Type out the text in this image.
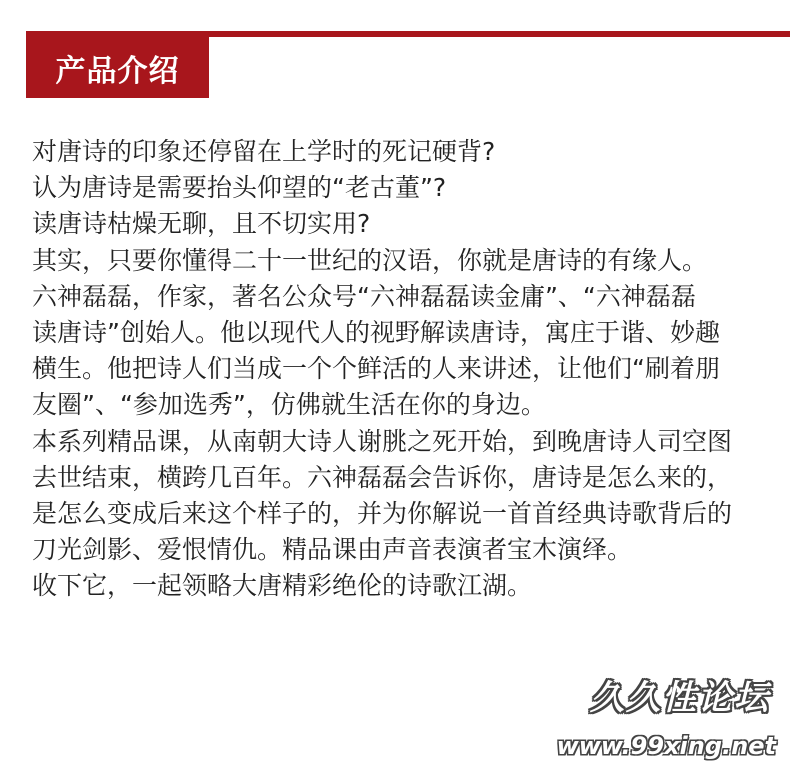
产品介绍
对唐诗的印象还停留在上学时的死记硬背?
认为唐诗是需要抬头仰望的“老古董”?
读唐诗枯燥无聊，且不切实用?
其实，只要你懂得二十一世纪的汉语，你就是唐诗的有缘人。
六神磊磊，作家，著名公众号“六神磊磊读金庸”、“六神磊磊
读唐诗”创始人。他以现代人的视野解读唐诗，寓庄于谐、妙趣
横生。他把诗人们当成一个个鲜活的人来讲述，让他们“刷着朋
友圈”、“参加选秀”，仿佛就生活在你的身边。
本系列精品课，从南朝大诗人谢朓之死开始，到晚唐诗人司空图
去世结束，横跨几百年。六神磊磊会告诉你，唐诗是怎么来的，
是怎么变成后来这个样子的，并为你解说一首首经典诗歌背后的
刀光剑影、爱恨情仇。精品课由声音表演者宝木演绎。
收下它，一起领略大唐精彩绝伦的诗歌江湖。
久久性论坛
www.99xing.net
